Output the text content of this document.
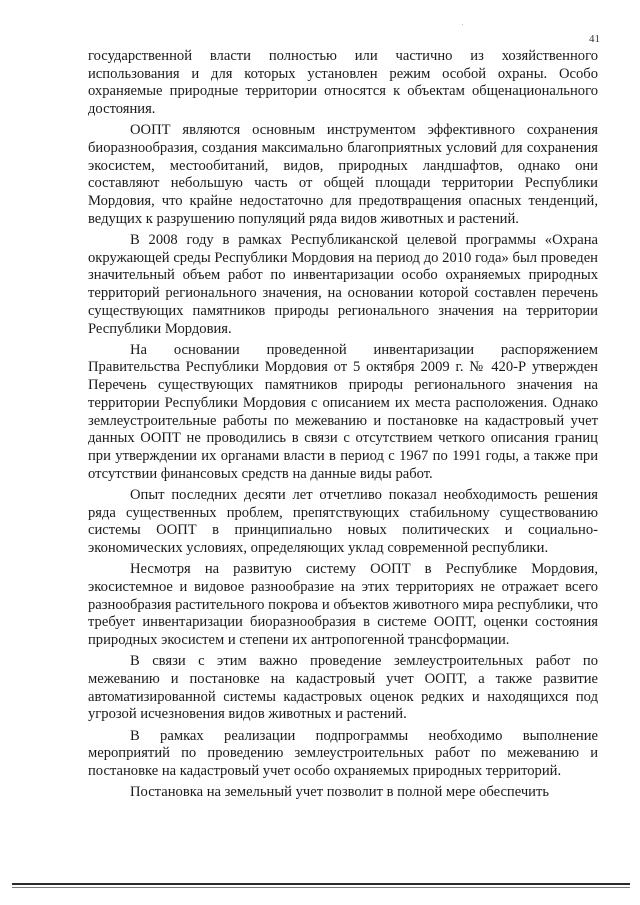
41

государственной власти полностью или частично из хозяйственного использования и для которых установлен режим особой охраны. Особо охраняемые природные территории относятся к объектам общенационального достояния.

ООПТ являются основным инструментом эффективного сохранения биоразнообразия, создания максимально благоприятных условий для сохранения экосистем, местообитаний, видов, природных ландшафтов, однако они составляют небольшую часть от общей площади территории Республики Мордовия, что крайне недостаточно для предотвращения опасных тенденций, ведущих к разрушению популяций ряда видов животных и растений.

В 2008 году в рамках Республиканской целевой программы «Охрана окружающей среды Республики Мордовия на период до 2010 года» был проведен значительный объем работ по инвентаризации особо охраняемых природных территорий регионального значения, на основании которой составлен перечень существующих памятников природы регионального значения на территории Республики Мордовия.

На основании проведенной инвентаризации распоряжением Правительства Республики Мордовия от 5 октября 2009 г. № 420-Р утвержден Перечень существующих памятников природы регионального значения на территории Республики Мордовия с описанием их места расположения. Однако землеустроительные работы по межеванию и постановке на кадастровый учет данных ООПТ не проводились в связи с отсутствием четкого описания границ при утверждении их органами власти в период с 1967 по 1991 годы, а также при отсутствии финансовых средств на данные виды работ.

Опыт последних десяти лет отчетливо показал необходимость решения ряда существенных проблем, препятствующих стабильному существованию системы ООПТ в принципиально новых политических и социально-экономических условиях, определяющих уклад современной республики.

Несмотря на развитую систему ООПТ в Республике Мордовия, экосистемное и видовое разнообразие на этих территориях не отражает всего разнообразия растительного покрова и объектов животного мира республики, что требует инвентаризации биоразнообразия в системе ООПТ, оценки состояния природных экосистем и степени их антропогенной трансформации.

В связи с этим важно проведение землеустроительных работ по межеванию и постановке на кадастровый учет ООПТ, а также развитие автоматизированной системы кадастровых оценок редких и находящихся под угрозой исчезновения видов животных и растений.

В рамках реализации подпрограммы необходимо выполнение мероприятий по проведению землеустроительных работ по межеванию и постановке на кадастровый учет особо охраняемых природных территорий.

Постановка на земельный учет позволит в полной мере обеспечить
